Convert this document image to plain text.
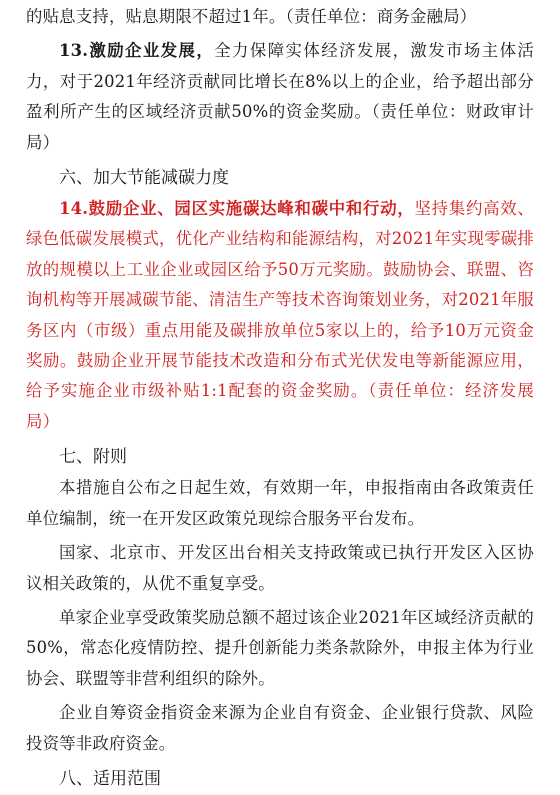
的贴息支持，贴息期限不超过1年。（责任单位：商务金融局）

13.激励企业发展，全力保障实体经济发展，激发市场主体活力，对于2021年经济贡献同比增长在8%以上的企业，给予超出部分盈利所产生的区域经济贡献50%的资金奖励。（责任单位：财政审计局）

六、加大节能减碳力度

14.鼓励企业、园区实施碳达峰和碳中和行动，坚持集约高效、绿色低碳发展模式，优化产业结构和能源结构，对2021年实现零碳排放的规模以上工业企业或园区给予50万元奖励。鼓励协会、联盟、咨询机构等开展减碳节能、清洁生产等技术咨询策划业务，对2021年服务区内（市级）重点用能及碳排放单位5家以上的，给予10万元资金奖励。鼓励企业开展节能技术改造和分布式光伏发电等新能源应用，给予实施企业市级补贴1:1配套的资金奖励。（责任单位：经济发展局）

七、附则

本措施自公布之日起生效，有效期一年，申报指南由各政策责任单位编制，统一在开发区政策兑现综合服务平台发布。

国家、北京市、开发区出台相关支持政策或已执行开发区入区协议相关政策的，从优不重复享受。

单家企业享受政策奖励总额不超过该企业2021年区域经济贡献的50%，常态化疫情防控、提升创新能力类条款除外，申报主体为行业协会、联盟等非营利组织的除外。

企业自筹资金指资金来源为企业自有资金、企业银行贷款、风险投资等非政府资金。

八、适用范围
